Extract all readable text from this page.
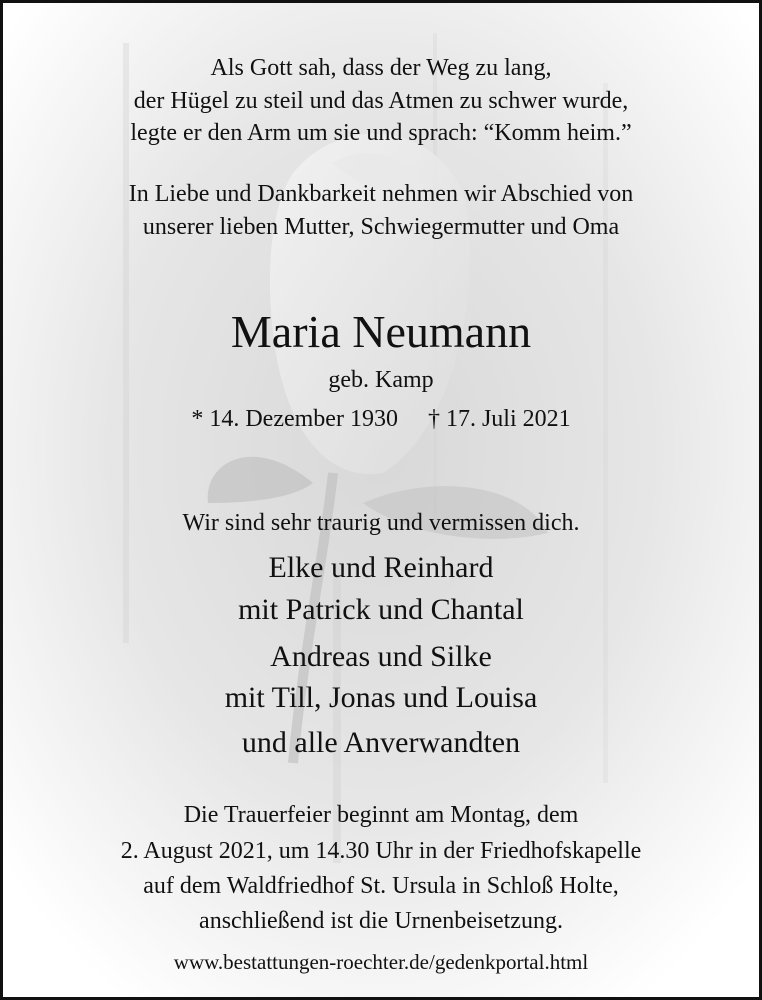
Als Gott sah, dass der Weg zu lang,
der Hügel zu steil und das Atmen zu schwer wurde,
legte er den Arm um sie und sprach: “Komm heim.”
In Liebe und Dankbarkeit nehmen wir Abschied von
unserer lieben Mutter, Schwiegermutter und Oma
Maria Neumann
geb. Kamp
* 14. Dezember 1930 † 17. Juli 2021
Wir sind sehr traurig und vermissen dich.
Elke und Reinhard
mit Patrick und Chantal
Andreas und Silke
mit Till, Jonas und Louisa
und alle Anverwandten
Die Trauerfeier beginnt am Montag, dem
2. August 2021, um 14.30 Uhr in der Friedhofskapelle
auf dem Waldfriedhof St. Ursula in Schloß Holte,
anschließend ist die Urnenbeisetzung.
www.bestattungen-roechter.de/gedenkportal.html
